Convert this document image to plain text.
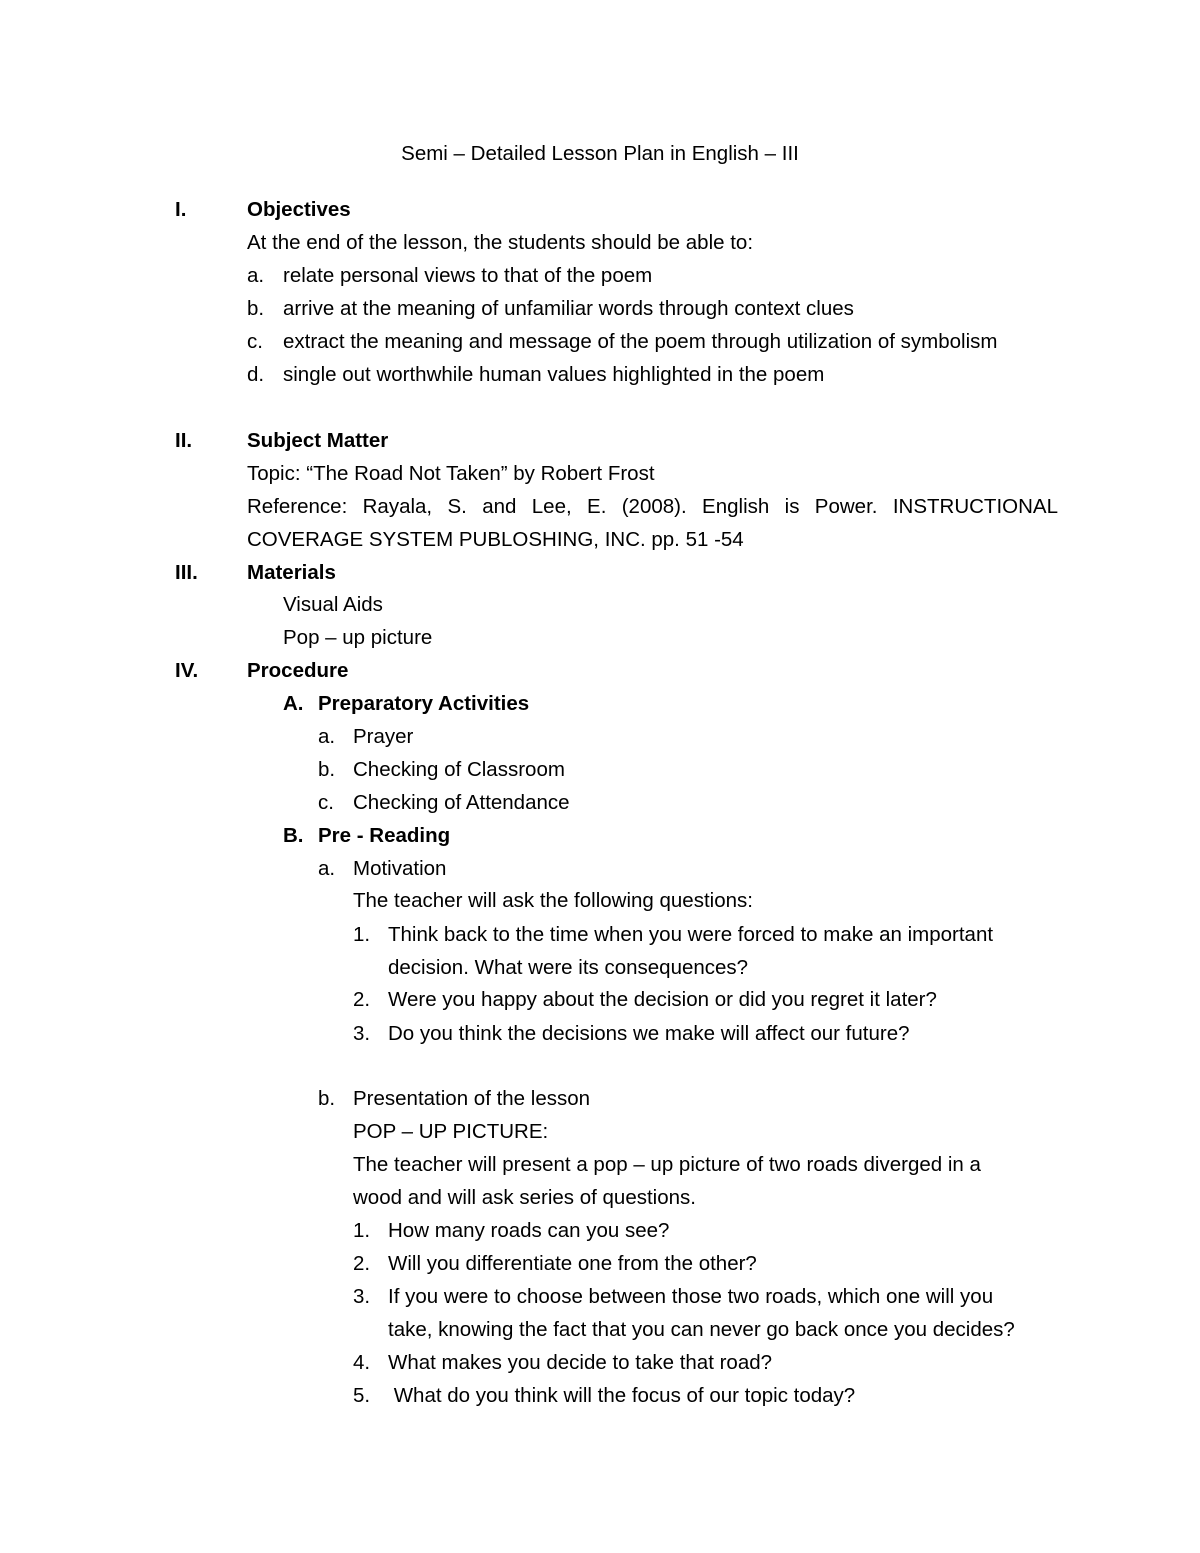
Semi – Detailed Lesson Plan in English – III
I.	Objectives
At the end of the lesson, the students should be able to:
a. relate personal views to that of the poem
b. arrive at the meaning of unfamiliar words through context clues
c. extract the meaning and message of the poem through utilization of symbolism
d. single out worthwhile human values highlighted in the poem
II.	Subject Matter
Topic: “The Road Not Taken” by Robert Frost
Reference: Rayala, S. and Lee, E. (2008). English is Power. INSTRUCTIONAL
COVERAGE SYSTEM PUBLOSHING, INC. pp. 51 -54
III. Materials
Visual Aids
Pop – up picture
IV. Procedure
A. Preparatory Activities
a. Prayer
b. Checking of Classroom
c. Checking of Attendance
B. Pre - Reading
a. Motivation
The teacher will ask the following questions:
1. Think back to the time when you were forced to make an important
decision. What were its consequences?
2. Were you happy about the decision or did you regret it later?
3. Do you think the decisions we make will affect our future?
b. Presentation of the lesson
POP – UP PICTURE:
The teacher will present a pop – up picture of two roads diverged in a
wood and will ask series of questions.
1. How many roads can you see?
2. Will you differentiate one from the other?
3. If you were to choose between those two roads, which one will you
take, knowing the fact that you can never go back once you decides?
4. What makes you decide to take that road?
5. What do you think will the focus of our topic today?
